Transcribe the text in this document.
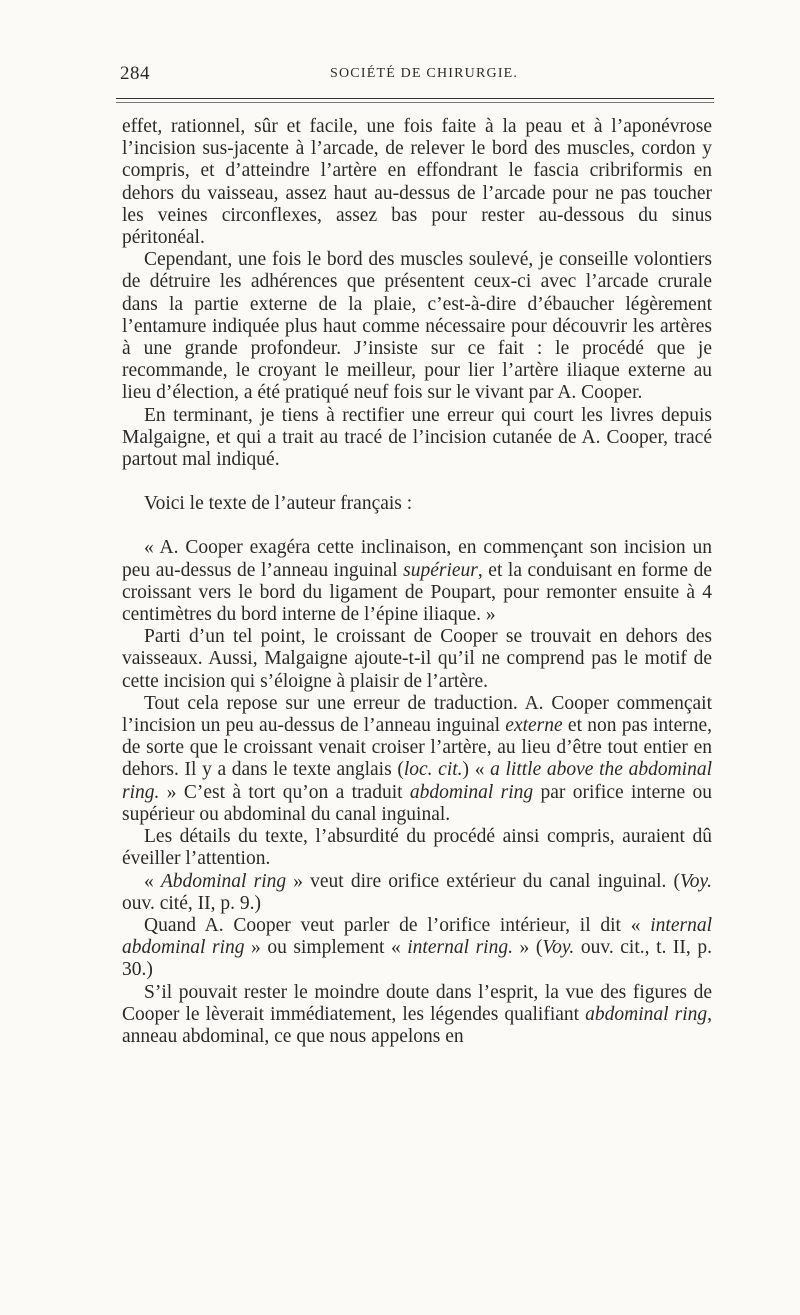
284	SOCIÉTÉ DE CHIRURGIE.

effet, rationnel, sûr et facile, une fois faite à la peau et à l’aponévrose l’incision sus-jacente à l’arcade, de relever le bord des muscles, cordon y compris, et d’atteindre l’artère en effondrant le fascia cribriformis en dehors du vaisseau, assez haut au-dessus de l’arcade pour ne pas toucher les veines circonflexes, assez bas pour rester au-dessous du sinus péritonéal.

Cependant, une fois le bord des muscles soulevé, je conseille volontiers de détruire les adhérences que présentent ceux-ci avec l’arcade crurale dans la partie externe de la plaie, c’est-à-dire d’ébaucher légèrement l’entamure indiquée plus haut comme nécessaire pour découvrir les artères à une grande profondeur. J’insiste sur ce fait : le procédé que je recommande, le croyant le meilleur, pour lier l’artère iliaque externe au lieu d’élection, a été pratiqué neuf fois sur le vivant par A. Cooper.

En terminant, je tiens à rectifier une erreur qui court les livres depuis Malgaigne, et qui a trait au tracé de l’incision cutanée de A. Cooper, tracé partout mal indiqué.

Voici le texte de l’auteur français :

« A. Cooper exagéra cette inclinaison, en commençant son incision un peu au-dessus de l’anneau inguinal supérieur, et la conduisant en forme de croissant vers le bord du ligament de Poupart, pour remonter ensuite à 4 centimètres du bord interne de l’épine iliaque. »

Parti d’un tel point, le croissant de Cooper se trouvait en dehors des vaisseaux. Aussi, Malgaigne ajoute-t-il qu’il ne comprend pas le motif de cette incision qui s’éloigne à plaisir de l’artère.

Tout cela repose sur une erreur de traduction. A. Cooper commençait l’incision un peu au-dessus de l’anneau inguinal externe et non pas interne, de sorte que le croissant venait croiser l’artère, au lieu d’être tout entier en dehors. Il y a dans le texte anglais (loc. cit.) « a little above the abdominal ring. » C’est à tort qu’on a traduit abdominal ring par orifice interne ou supérieur ou abdominal du canal inguinal.

Les détails du texte, l’absurdité du procédé ainsi compris, auraient dû éveiller l’attention.

« Abdominal ring » veut dire orifice extérieur du canal inguinal. (Voy. ouv. cité, II, p. 9.)

Quand A. Cooper veut parler de l’orifice intérieur, il dit « internal abdominal ring » ou simplement « internal ring. » (Voy. ouv. cit., t. II, p. 30.)

S’il pouvait rester le moindre doute dans l’esprit, la vue des figures de Cooper le lèverait immédiatement, les légendes qualifiant abdominal ring, anneau abdominal, ce que nous appelons en
